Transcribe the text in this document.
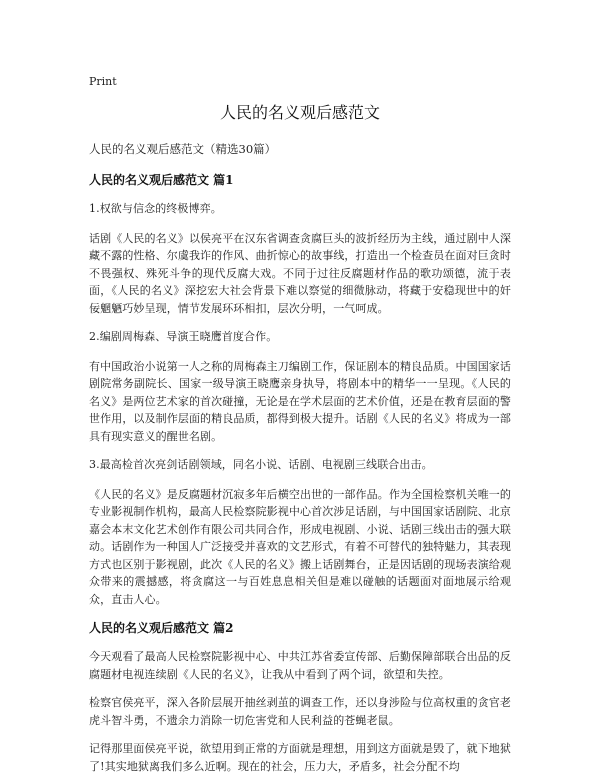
Print
人民的名义观后感范文

人民的名义观后感范文（精选30篇）

人民的名义观后感范文 篇1

1.权欲与信念的终极博弈。

话剧《人民的名义》以侯亮平在汉东省调查贪腐巨头的波折经历为主线，通过剧中人深藏不露的性格、尔虞我诈的作风、曲折惊心的故事线，打造出一个检查员在面对巨贪时不畏强权、殊死斗争的现代反腐大戏。不同于过往反腐题材作品的歌功颂德，流于表面，《人民的名义》深挖宏大社会背景下难以察觉的细微脉动，将藏于安稳现世中的奸佞魍魉巧妙呈现，情节发展环环相扣，层次分明，一气呵成。

2.编剧周梅森、导演王晓鹰首度合作。

有中国政治小说第一人之称的周梅森主刀编剧工作，保证剧本的精良品质。中国国家话剧院常务副院长、国家一级导演王晓鹰亲身执导，将剧本中的精华一一呈现。《人民的名义》是两位艺术家的首次碰撞，无论是在学术层面的艺术价值，还是在教育层面的警世作用，以及制作层面的精良品质，都得到极大提升。话剧《人民的名义》将成为一部具有现实意义的醒世名剧。

3.最高检首次亮剑话剧领域，同名小说、话剧、电视剧三线联合出击。

《人民的名义》是反腐题材沉寂多年后横空出世的一部作品。作为全国检察机关唯一的专业影视制作机构，最高人民检察院影视中心首次涉足话剧，与中国国家话剧院、北京嘉会本末文化艺术创作有限公司共同合作，形成电视剧、小说、话剧三线出击的强大联动。话剧作为一种国人广泛接受并喜欢的文艺形式，有着不可替代的独特魅力，其表现方式也区别于影视剧，此次《人民的名义》搬上话剧舞台，正是因话剧的现场表演给观众带来的震撼感，将贪腐这一与百姓息息相关但是难以碰触的话题面对面地展示给观众，直击人心。

人民的名义观后感范文 篇2

今天观看了最高人民检察院影视中心、中共江苏省委宣传部、后勤保障部联合出品的反腐题材电视连续剧《人民的名义》，让我从中看到了两个词，欲望和失控。

检察官侯亮平，深入各阶层展开抽丝剥茧的调查工作，还以身涉险与位高权重的贪官老虎斗智斗勇，不遗余力消除一切危害党和人民利益的苍蝇老鼠。

记得那里面侯亮平说，欲望用到正常的方面就是理想，用到这方面就是毁了，就下地狱了!其实地狱离我们多么近啊。现在的社会，压力大，矛盾多，社会分配不均
